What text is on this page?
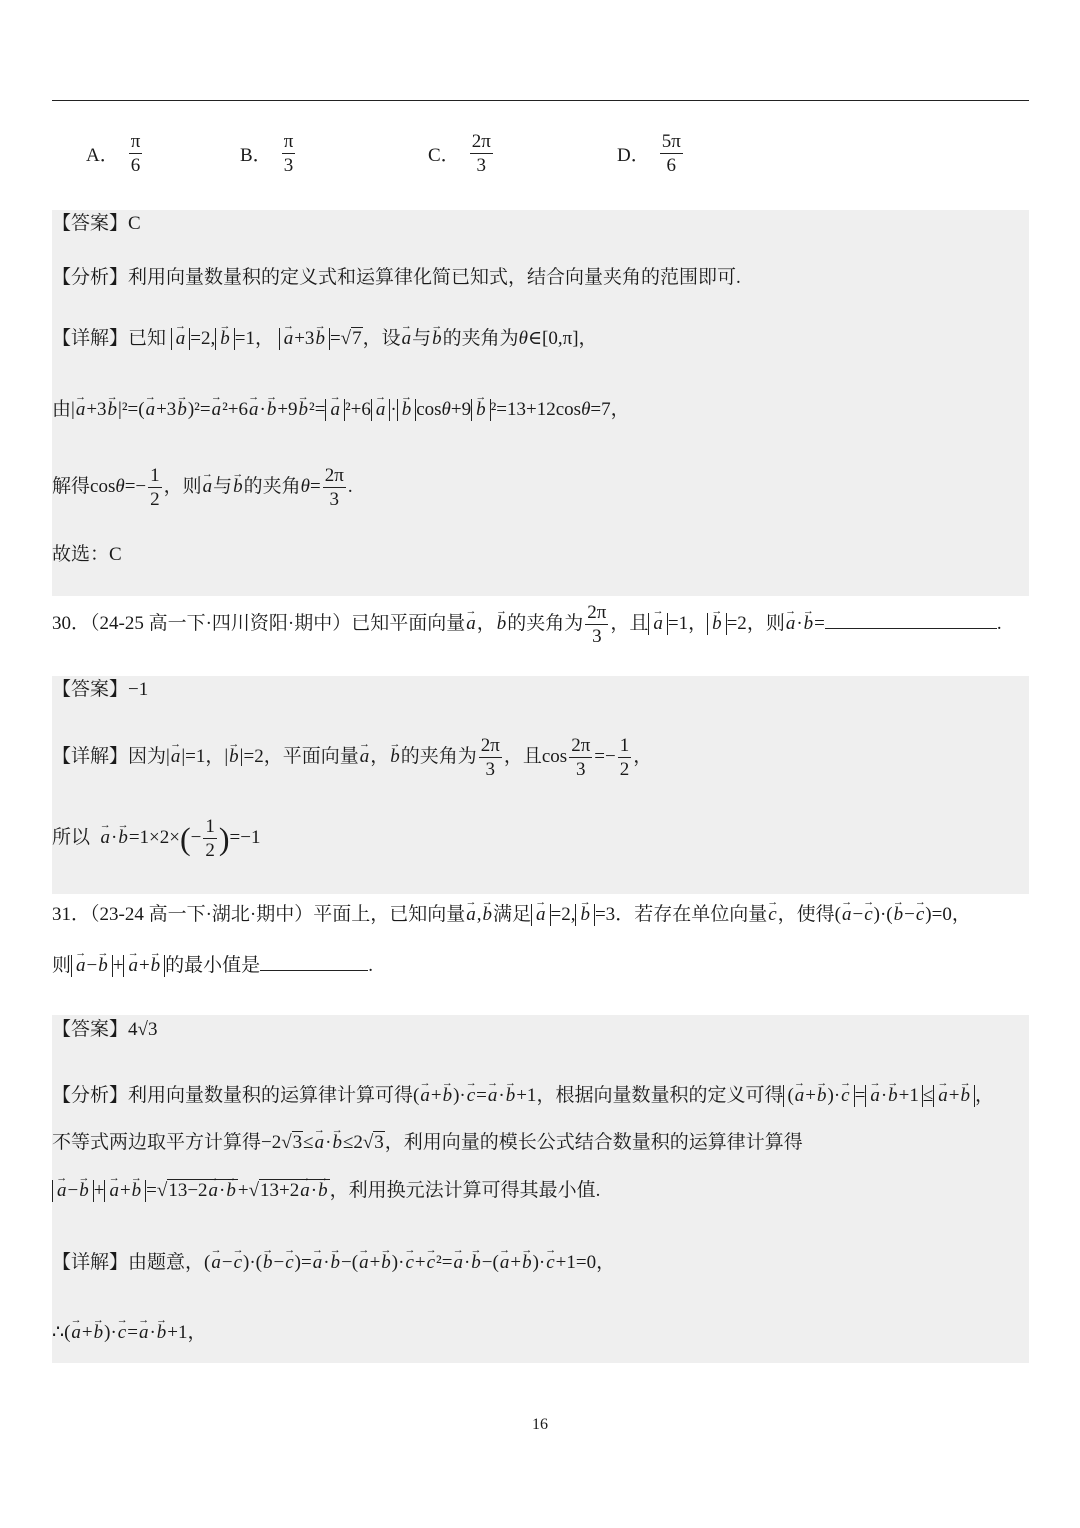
A． $\frac{\pi}{6}$	B． $\frac{\pi}{3}$	C． $\frac{2\pi}{3}$	D． $\frac{5\pi}{6}$
【答案】C
【分析】利用向量数量积的定义式和运算律化简已知式，结合向量夹角的范围即可.
【详解】已知 → a =2, → b =1， → a+3→ b =√7，设→ a与→ b的夹角为θ∈[0,π]，
由|→ a+3→ b|²=(→ a+3→ b)²=→ a²+6→ a·→ b+9→ b²= → a ²+6 → a · → b cosθ+9 → b ²=13+12cosθ=7，
解得$\cos\theta=- \frac{1}{2}$ ，则→ a与→ b的夹角$\theta= \frac{2\pi}{3}$ .
故选：C
30．（24-25 高一下·四川资阳·期中）已知平面向量→ a，→ b的夹角为 $\frac{2\pi}{3}$ ，且 → a =1， → b =2，则→ a·→ b=	.
【答案】−1
【详解】因为|→ a|=1，|→ b|=2，平面向量→ a，→ b的夹角为 $\frac{2\pi}{3}$ ，且$\cos \frac{2\pi}{3} =- \frac{1}{2}$ ，
所以 → $a\cdot\to b=1\times 2\times(- \frac{1}{2} )=-1$
31．（23-24 高一下·湖北·期中）平面上，已知向量→ a,→ b满足 → a =2, → b =3．若存在单位向量→ c，使得(→ a−→ c)·(→ b−→ c)=0，
则 → a−→ b + → a+→ b 的最小值是	.
【答案】4√3
【分析】利用向量数量积的运算律计算可得(→ a+→ b)·→ c=→ a·→ b+1，根据向量数量积的定义可得 (→ a+→ b)·→ c = → a·→ b+1 ≤ → a+→ b ，
不等式两边取平方计算得−2√3≤→ a·→ b≤2√3，利用向量的模长公式结合数量积的运算律计算得
→ a−→ b + → a+→ b =√13−2→ a·→ b +√13+2→ a·→ b ，利用换元法计算可得其最小值.
【详解】由题意，(→ a−→ c)·(→ b−→ c)=→ a·→ b−(→ a+→ b)·→ c+→ c²=→ a·→ b−(→ a+→ b)·→ c+1=0，
∴(→ a+→ b)·→ c=→ a·→ b+1，
16
